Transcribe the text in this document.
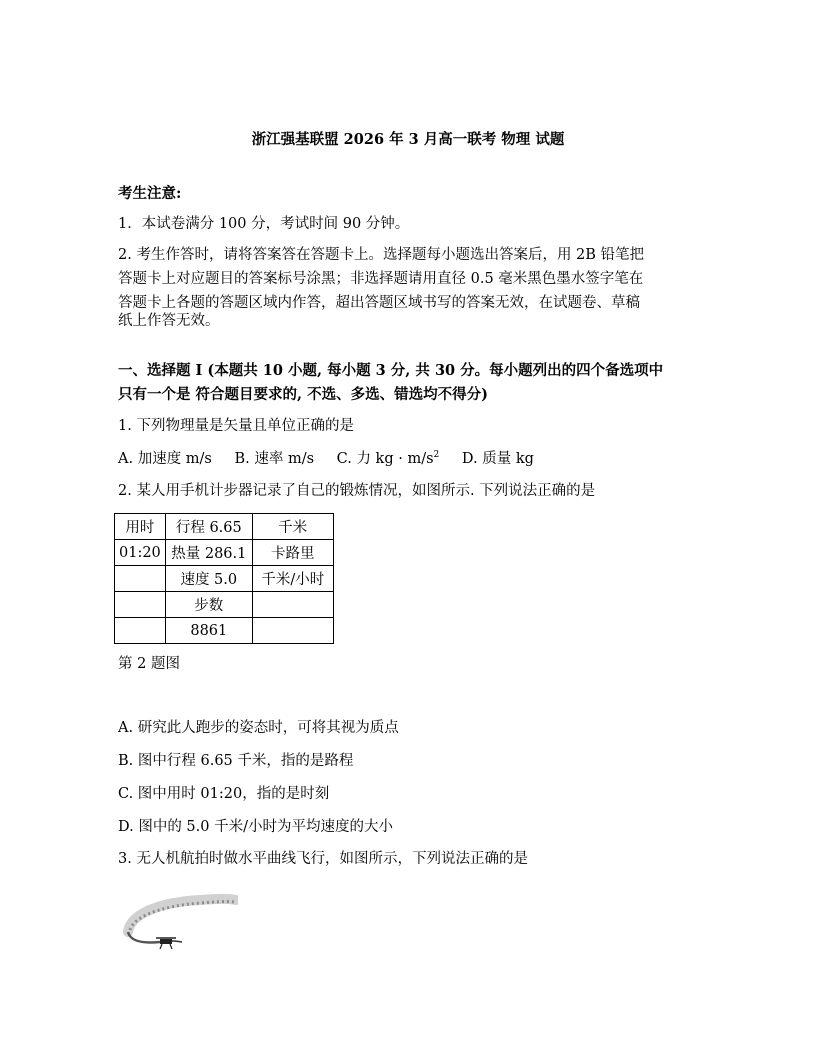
浙江强基联盟 2026 年 3 月高一联考 物理 试题
考生注意:
1．本试卷满分 100 分，考试时间 90 分钟。
2. 考生作答时，请将答案答在答题卡上。选择题每小题选出答案后，用 2B 铅笔把
答题卡上对应题目的答案标号涂黑；非选择题请用直径 0.5 毫米黑色墨水签字笔在
答题卡上各题的答题区域内作答，超出答题区域书写的答案无效，在试题卷、草稿
纸上作答无效。
一、选择题 I (本题共 10 小题, 每小题 3 分, 共 30 分。每小题列出的四个备选项中
只有一个是 符合题目要求的, 不选、多选、错选均不得分)
1. 下列物理量是矢量且单位正确的是
A. 加速度 m/s B. 速率 m/s C. 力 kg · $m/s^2$ D. 质量 kg
2. 某人用手机计步器记录了自己的锻炼情况，如图所示. 下列说法正确的是
用时	行程 6.65	千米
01:20	热量 286.1	卡路里
	速度 5.0	千米/小时
	步数	
	8861	
第 2 题图
A. 研究此人跑步的姿态时，可将其视为质点
B. 图中行程 6.65 千米，指的是路程
C. 图中用时 01:20，指的是时刻
D. 图中的 5.0 千米/小时为平均速度的大小
3. 无人机航拍时做水平曲线飞行，如图所示，下列说法正确的是
